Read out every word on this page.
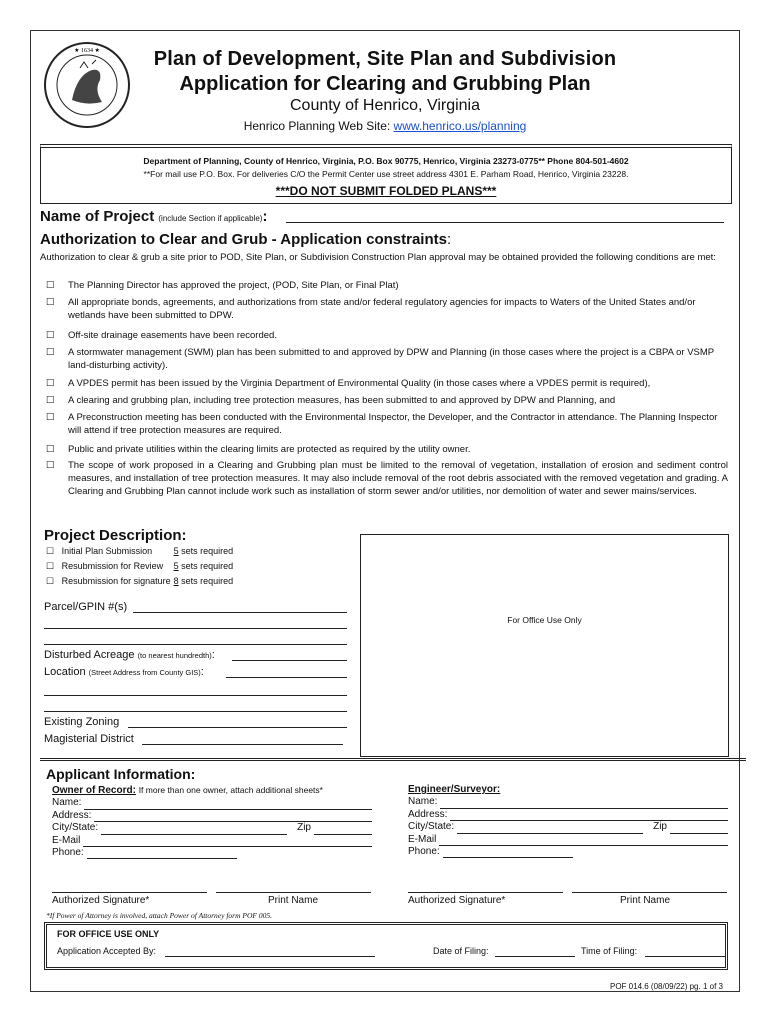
★ 1634 ★	Plan of Development, Site Plan and Subdivision
Application for Clearing and Grubbing Plan
County of Henrico, Virginia
Henrico Planning Web Site: www.henrico.us/planning
Department of Planning, County of Henrico, Virginia, P.O. Box 90775, Henrico, Virginia 23273-0775** Phone 804-501-4602
**For mail use P.O. Box. For deliveries C/O the Permit Center use street address 4301 E. Parham Road, Henrico, Virginia 23228.
***DO NOT SUBMIT FOLDED PLANS***
Name of Project (include Section if applicable):
Authorization to Clear and Grub - Application constraints:
Authorization to clear & grub a site prior to POD, Site Plan, or Subdivision Construction Plan approval may be obtained provided the following conditions are met:
☐ The Planning Director has approved the project, (POD, Site Plan, or Final Plat)
☐ All appropriate bonds, agreements, and authorizations from state and/or federal regulatory agencies for impacts to Waters of the United States and/or wetlands have been submitted to DPW.
☐ Off-site drainage easements have been recorded.
☐ A stormwater management (SWM) plan has been submitted to and approved by DPW and Planning (in those cases where the project is a CBPA or VSMP land-disturbing activity).
☐ A VPDES permit has been issued by the Virginia Department of Environmental Quality (in those cases where a VPDES permit is required),
☐ A clearing and grubbing plan, including tree protection measures, has been submitted to and approved by DPW and Planning, and
☐ A Preconstruction meeting has been conducted with the Environmental Inspector, the Developer, and the Contractor in attendance. The Planning Inspector will attend if tree protection measures are required.
☐ Public and private utilities within the clearing limits are protected as required by the utility owner.
☐ The scope of work proposed in a Clearing and Grubbing plan must be limited to the removal of vegetation, installation of erosion and sediment control measures, and installation of tree protection measures. It may also include removal of the root debris associated with the removed vegetation and grading. A Clearing and Grubbing Plan cannot include work such as installation of storm sewer and/or utilities, nor demolition of water and sewer mains/services.
Project Description:
☐ Initial Plan Submission 5 sets required
☐ Resubmission for Review 5 sets required
☐ Resubmission for signature 8 sets required
For Office Use Only
Parcel/GPIN #(s)
Disturbed Acreage (to nearest hundredth):
Location (Street Address from County GIS):
Existing Zoning
Magisterial District
Applicant Information:
Owner of Record: If more than one owner, attach additional sheets*
Name:
Address:
City/State:	Zip
E-Mail
Phone:
Authorized Signature*	Print Name
*If Power of Attorney is involved, attach Power of Attorney form POF 005.
Engineer/Surveyor:
Name:
Address:
City/State:	Zip
E-Mail
Phone:
Authorized Signature*	Print Name
FOR OFFICE USE ONLY
Application Accepted By:	Date of Filing:	Time of Filing:
POF 014.6 (08/09/22) pg. 1 of 3
